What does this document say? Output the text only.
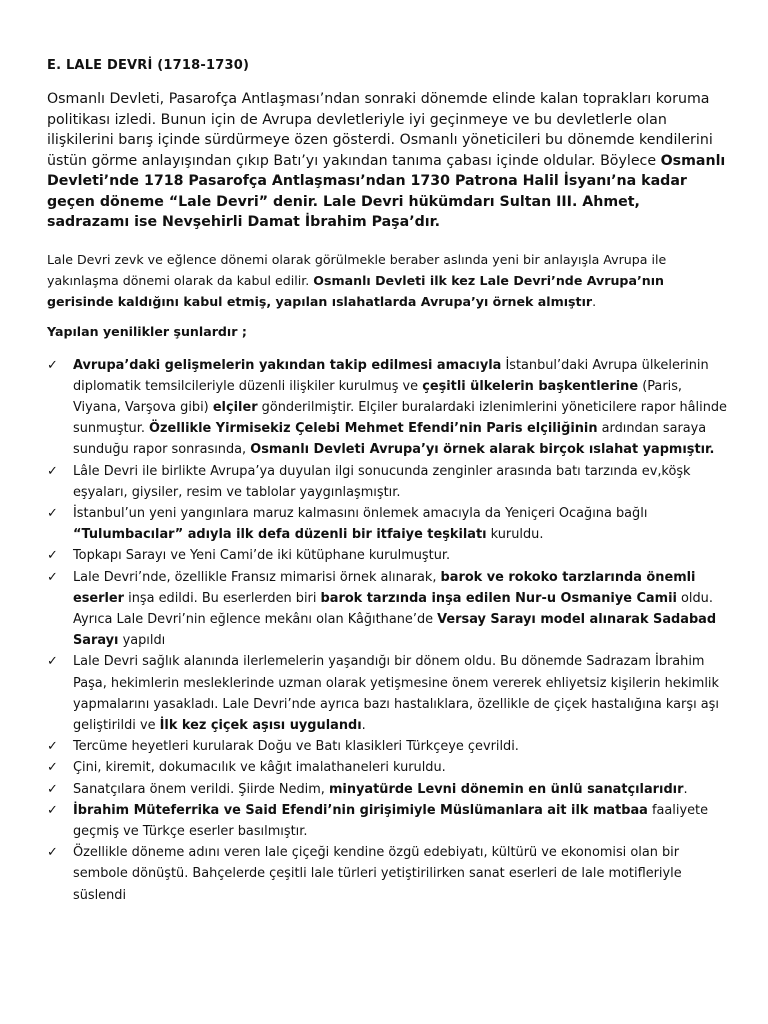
E. LALE DEVRİ (1718-1730)

Osmanlı Devleti, Pasarofça Antlaşması’ndan sonraki dönemde elinde kalan toprakları koruma politikası izledi. Bunun için de Avrupa devletleriyle iyi geçinmeye ve bu devletlerle olan ilişkilerini barış içinde sürdürmeye özen gösterdi. Osmanlı yöneticileri bu dönemde kendilerini üstün görme anlayışından çıkıp Batı’yı yakından tanıma çabası içinde oldular. Böylece Osmanlı Devleti’nde 1718 Pasarofça Antlaşması’ndan 1730 Patrona Halil İsyanı’na kadar geçen döneme “Lale Devri” denir. Lale Devri hükümdarı Sultan III. Ahmet, sadrazamı ise Nevşehirli Damat İbrahim Paşa’dır.

Lale Devri zevk ve eğlence dönemi olarak görülmekle beraber aslında yeni bir anlayışla Avrupa ile yakınlaşma dönemi olarak da kabul edilir. Osmanlı Devleti ilk kez Lale Devri’nde Avrupa’nın gerisinde kaldığını kabul etmiş, yapılan ıslahatlarda Avrupa’yı örnek almıştır.

Yapılan yenilikler şunlardır ;
✓ Avrupa’daki gelişmelerin yakından takip edilmesi amacıyla İstanbul’daki Avrupa ülkelerinin diplomatik temsilcileriyle düzenli ilişkiler kurulmuş ve çeşitli ülkelerin başkentlerine (Paris, Viyana, Varşova gibi) elçiler gönderilmiştir. Elçiler buralardaki izlenimlerini yöneticilere rapor hâlinde sunmuştur. Özellikle Yirmisekiz Çelebi Mehmet Efendi’nin Paris elçiliğinin ardından saraya sunduğu rapor sonrasında, Osmanlı Devleti Avrupa’yı örnek alarak birçok ıslahat yapmıştır.
✓ Lâle Devri ile birlikte Avrupa’ya duyulan ilgi sonucunda zenginler arasında batı tarzında ev,köşk eşyaları, giysiler, resim ve tablolar yaygınlaşmıştır.
✓ İstanbul’un yeni yangınlara maruz kalmasını önlemek amacıyla da Yeniçeri Ocağına bağlı “Tulumbacılar” adıyla ilk defa düzenli bir itfaiye teşkilatı kuruldu.
✓ Topkapı Sarayı ve Yeni Cami’de iki kütüphane kurulmuştur.
✓ Lale Devri’nde, özellikle Fransız mimarisi örnek alınarak, barok ve rokoko tarzlarında önemli eserler inşa edildi. Bu eserlerden biri barok tarzında inşa edilen Nur-u Osmaniye Camii oldu. Ayrıca Lale Devri’nin eğlence mekânı olan Kâğıthane’de Versay Sarayı model alınarak Sadabad Sarayı yapıldı
✓ Lale Devri sağlık alanında ilerlemelerin yaşandığı bir dönem oldu. Bu dönemde Sadrazam İbrahim Paşa, hekimlerin mesleklerinde uzman olarak yetişmesine önem vererek ehliyetsiz kişilerin hekimlik yapmalarını yasakladı. Lale Devri’nde ayrıca bazı hastalıklara, özellikle de çiçek hastalığına karşı aşı geliştirildi ve İlk kez çiçek aşısı uygulandı.
✓ Tercüme heyetleri kurularak Doğu ve Batı klasikleri Türkçeye çevrildi.
✓ Çini, kiremit, dokumacılık ve kâğıt imalathaneleri kuruldu.
✓ Sanatçılara önem verildi. Şiirde Nedim, minyatürde Levni dönemin en ünlü sanatçılarıdır.
✓ İbrahim Müteferrika ve Said Efendi’nin girişimiyle Müslümanlara ait ilk matbaa faaliyete geçmiş ve Türkçe eserler basılmıştır.
✓ Özellikle döneme adını veren lale çiçeği kendine özgü edebiyatı, kültürü ve ekonomisi olan bir sembole dönüştü. Bahçelerde çeşitli lale türleri yetiştirilirken sanat eserleri de lale motifleriyle süslendi
